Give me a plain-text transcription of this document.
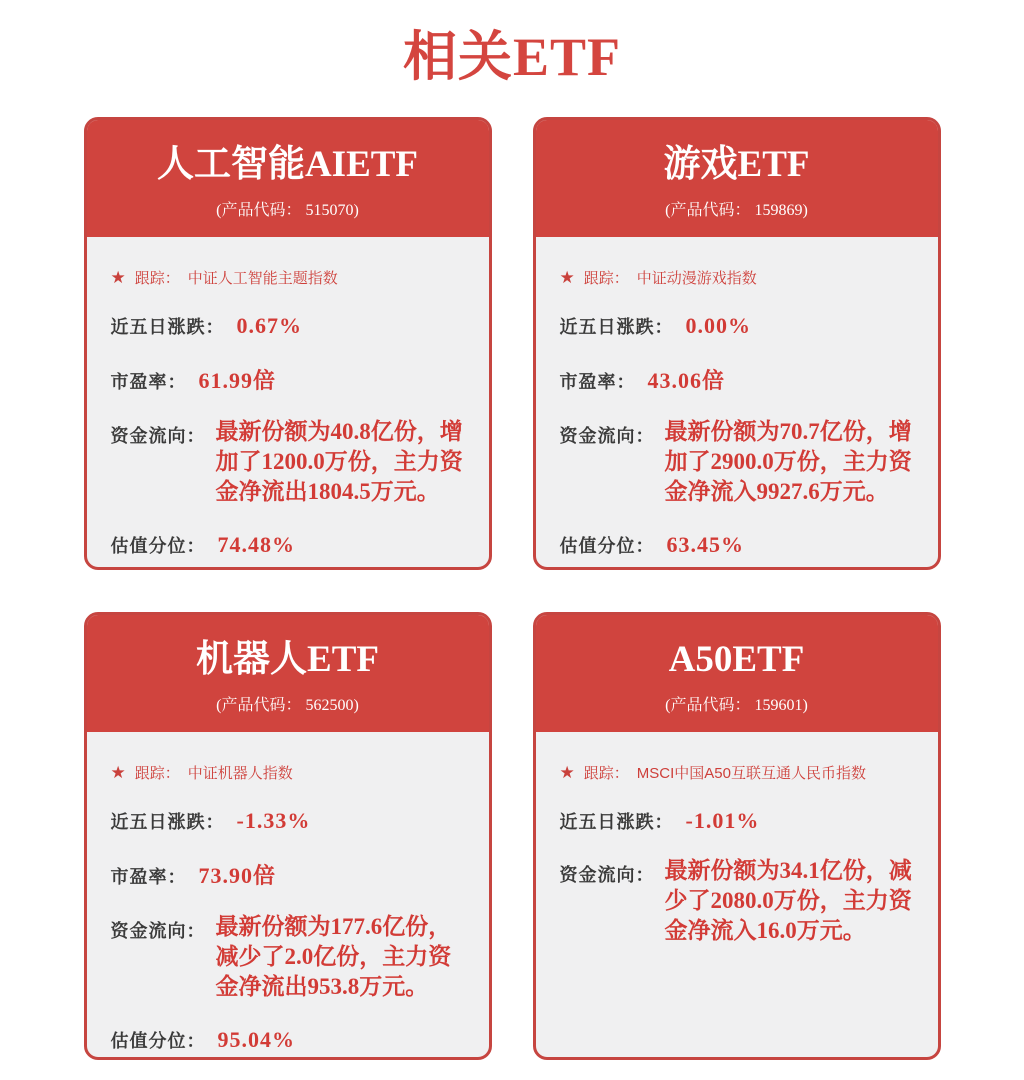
相关ETF
人工智能AIETF
(产品代码： 515070)
★ 跟踪： 中证人工智能主题指数
近五日涨跌： 0.67%
市盈率： 61.99倍
资金流向： 最新份额为40.8亿份，增加了1200.0万份，主力资金净流出1804.5万元。
估值分位： 74.48%
游戏ETF
(产品代码： 159869)
★ 跟踪： 中证动漫游戏指数
近五日涨跌： 0.00%
市盈率： 43.06倍
资金流向： 最新份额为70.7亿份，增加了2900.0万份，主力资金净流入9927.6万元。
估值分位： 63.45%
机器人ETF
(产品代码： 562500)
★ 跟踪： 中证机器人指数
近五日涨跌： -1.33%
市盈率： 73.90倍
资金流向： 最新份额为177.6亿份，减少了2.0亿份，主力资金净流出953.8万元。
估值分位： 95.04%
A50ETF
(产品代码： 159601)
★ 跟踪： MSCI中国A50互联互通人民币指数
近五日涨跌： -1.01%
资金流向： 最新份额为34.1亿份，减少了2080.0万份，主力资金净流入16.0万元。
